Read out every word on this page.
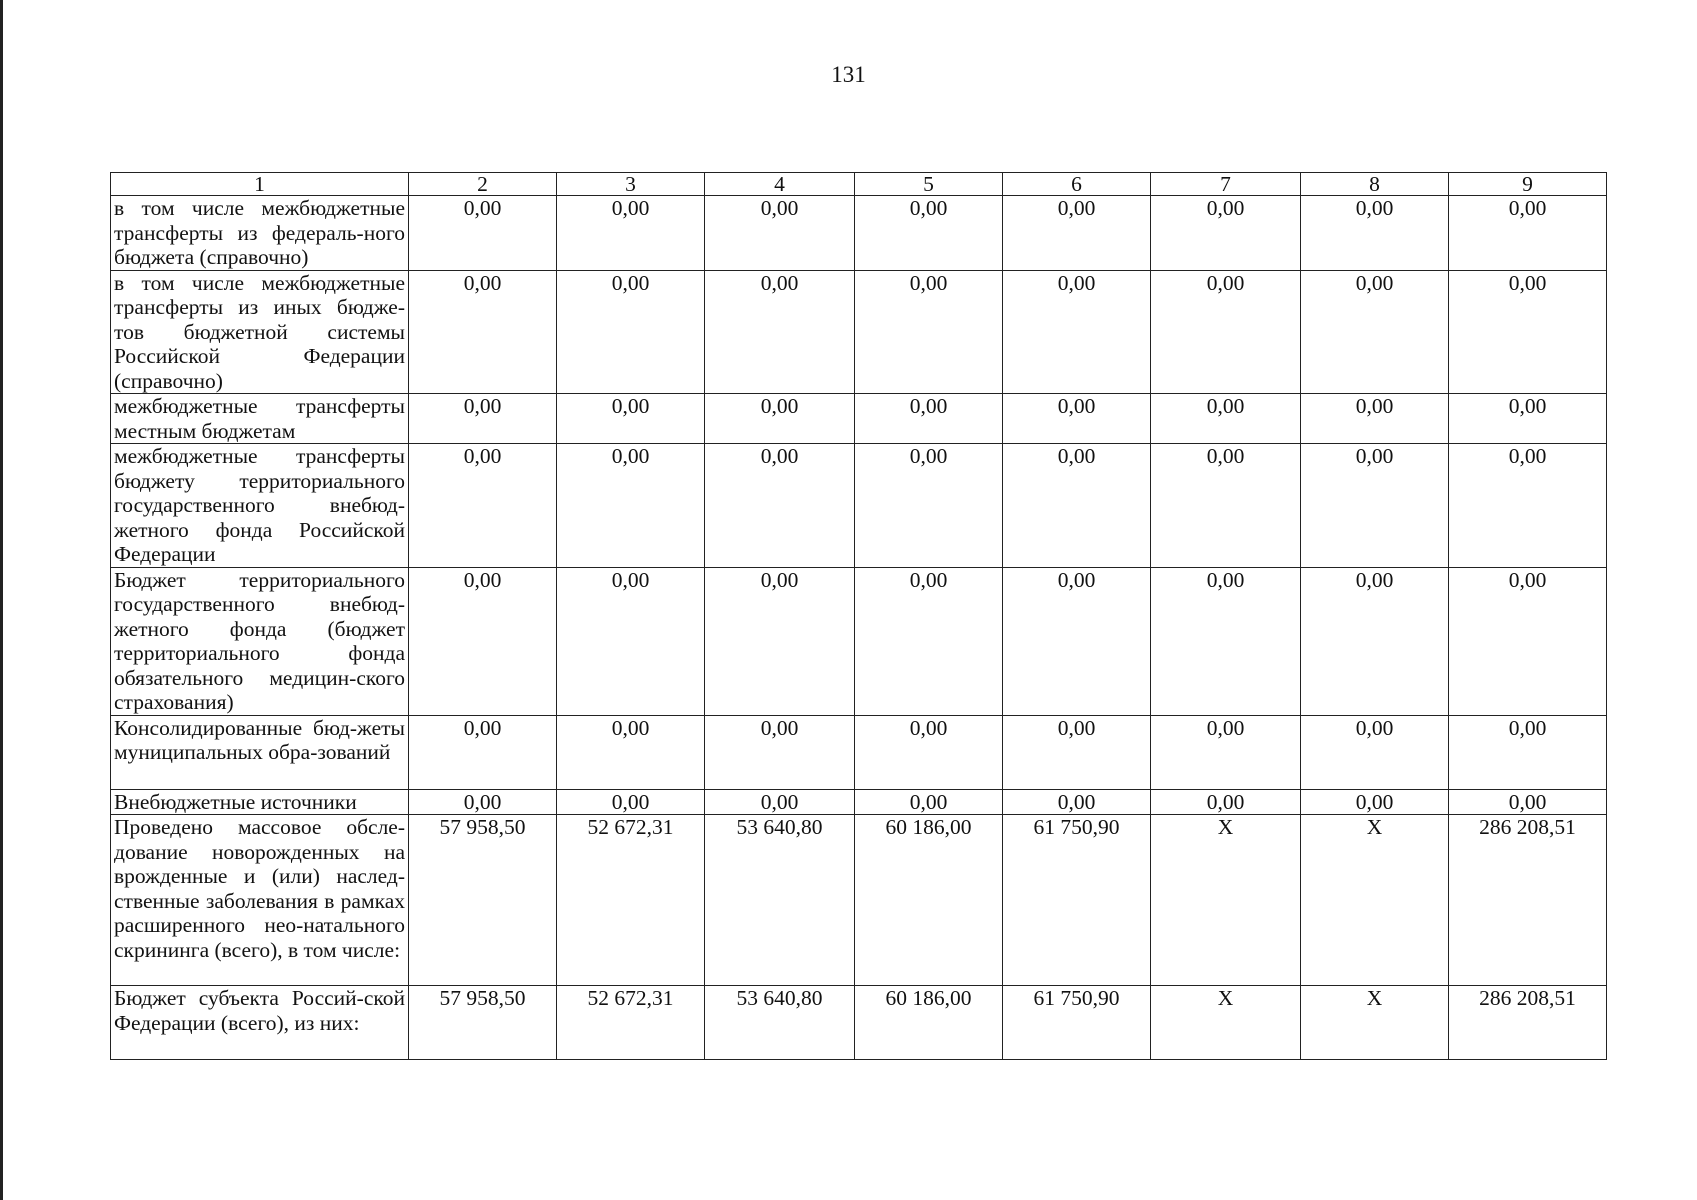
131
1	2	3	4	5	6	7	8	9
в том числе межбюджетные трансферты из федераль-ного бюджета (справочно)	0,00	0,00	0,00	0,00	0,00	0,00	0,00	0,00
в том числе межбюджетные трансферты из иных бюдже-тов бюджетной системы Российской Федерации (справочно)	0,00	0,00	0,00	0,00	0,00	0,00	0,00	0,00
межбюджетные трансферты местным бюджетам	0,00	0,00	0,00	0,00	0,00	0,00	0,00	0,00
межбюджетные трансферты бюджету территориального государственного внебюд-жетного фонда Российской Федерации	0,00	0,00	0,00	0,00	0,00	0,00	0,00	0,00
Бюджет территориального государственного внебюд-жетного фонда (бюджет территориального фонда обязательного медицин-ского страхования)	0,00	0,00	0,00	0,00	0,00	0,00	0,00	0,00
Консолидированные бюд-жеты муниципальных обра-зований	0,00	0,00	0,00	0,00	0,00	0,00	0,00	0,00
Внебюджетные источники	0,00	0,00	0,00	0,00	0,00	0,00	0,00	0,00
Проведено массовое обсле-дование новорожденных на врожденные и (или) наслед-ственные заболевания в рамках расширенного нео-натального скрининга (всего), в том числе:	57 958,50	52 672,31	53 640,80	60 186,00	61 750,90	X	X	286 208,51
Бюджет субъекта Россий-ской Федерации (всего), из них:	57 958,50	52 672,31	53 640,80	60 186,00	61 750,90	X	X	286 208,51
